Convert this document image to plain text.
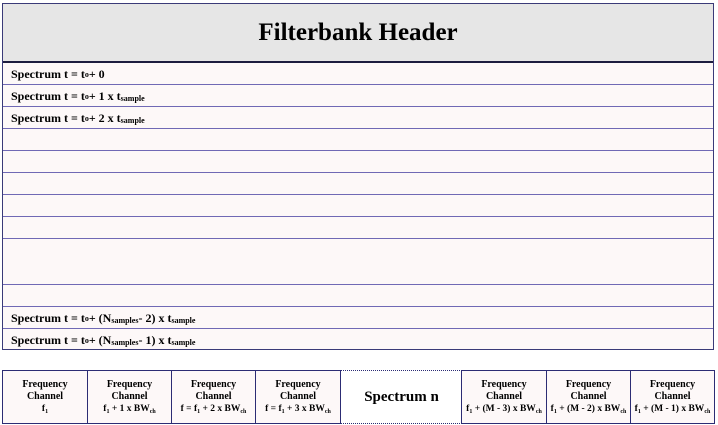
Filterbank Header
Spectrum t = t o + 0
Spectrum t = t o + 1 x t sample
Spectrum t = t o + 2 x t sample
Spectrum t = t o + (N samples - 2) x t sample
Spectrum t = t o + (N samples - 1) x t sample
Frequency
Channel
$f_1$
Frequency
Channel
$f_1 + 1$ x $BW_{ch}$
Frequency
Channel
$f = f_1 + 2$ x $BW_{ch}$
Frequency
Channel
$f = f_1 + 3$ x $BW_{ch}$
Spectrum n
Frequency
Channel
$f_1 + (M - 3)$ x $BW_{ch}$
Frequency
Channel
$f_1 + (M - 2)$ x $BW_{ch}$
Frequency
Channel
$f_1 + (M - 1)$ x $BW_{ch}$
